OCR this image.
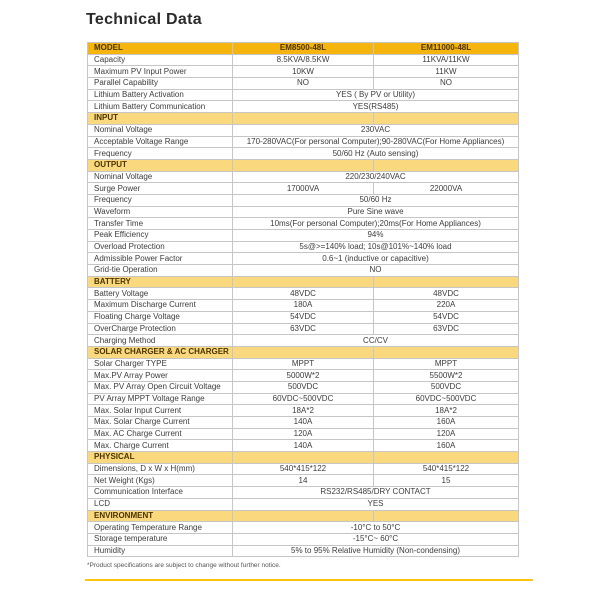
Technical Data
MODEL	EM8500-48L	EM11000-48L
Capacity	8.5KVA/8.5KW	11KVA/11KW
Maximum PV Input Power	10KW	11KW
Parallel Capability	NO	NO
Lithium Battery Activation	YES ( By PV or Utility)	
Lithium Battery Communication	YES(RS485)	
INPUT		
Nominal Voltage	230VAC	
Acceptable Voltage Range	170-280VAC(For personal Computer);90-280VAC(For Home Appliances)	
Frequency	50/60 Hz (Auto sensing)	
OUTPUT		
Nominal Voltage	220/230/240VAC	
Surge Power	17000VA	22000VA
Frequency	50/60 Hz	
Waveform	Pure Sine wave	
Transfer Time	10ms(For personal Computer);20ms(For Home Appliances)	
Peak Efficiency	94%	
Overload Protection	5s@>=140% load; 10s@101%~140% load	
Admissible Power Factor	0.6~1 (inductive or capacitive)	
Grid-tie Operation	NO	
BATTERY		
Battery Voltage	48VDC	48VDC
Maximum Discharge Current	180A	220A
Floating Charge Voltage	54VDC	54VDC
OverCharge Protection	63VDC	63VDC
Charging Method	CC/CV	
SOLAR CHARGER & AC CHARGER		
Solar Charger TYPE	MPPT	MPPT
Max.PV Array Power	5000W*2	5500W*2
Max. PV Array Open Circuit Voltage	500VDC	500VDC
PV Array MPPT Voltage Range	60VDC~500VDC	60VDC~500VDC
Max. Solar Input Current	18A*2	18A*2
Max. Solar Charge Current	140A	160A
Max. AC Charge Current	120A	120A
Max. Charge Current	140A	160A
PHYSICAL		
Dimensions, D x W x H(mm)	540*415*122	540*415*122
Net Weight (Kgs)	14	15
Communication Interface	RS232/RS485/DRY CONTACT	
LCD	YES	
ENVIRONMENT		
Operating Temperature Range	-10°C to 50°C	
Storage temperature	-15°C~ 60°C	
Humidity	5% to 95% Relative Humidity (Non-condensing)	
*Product specifications are subject to change without further notice.
